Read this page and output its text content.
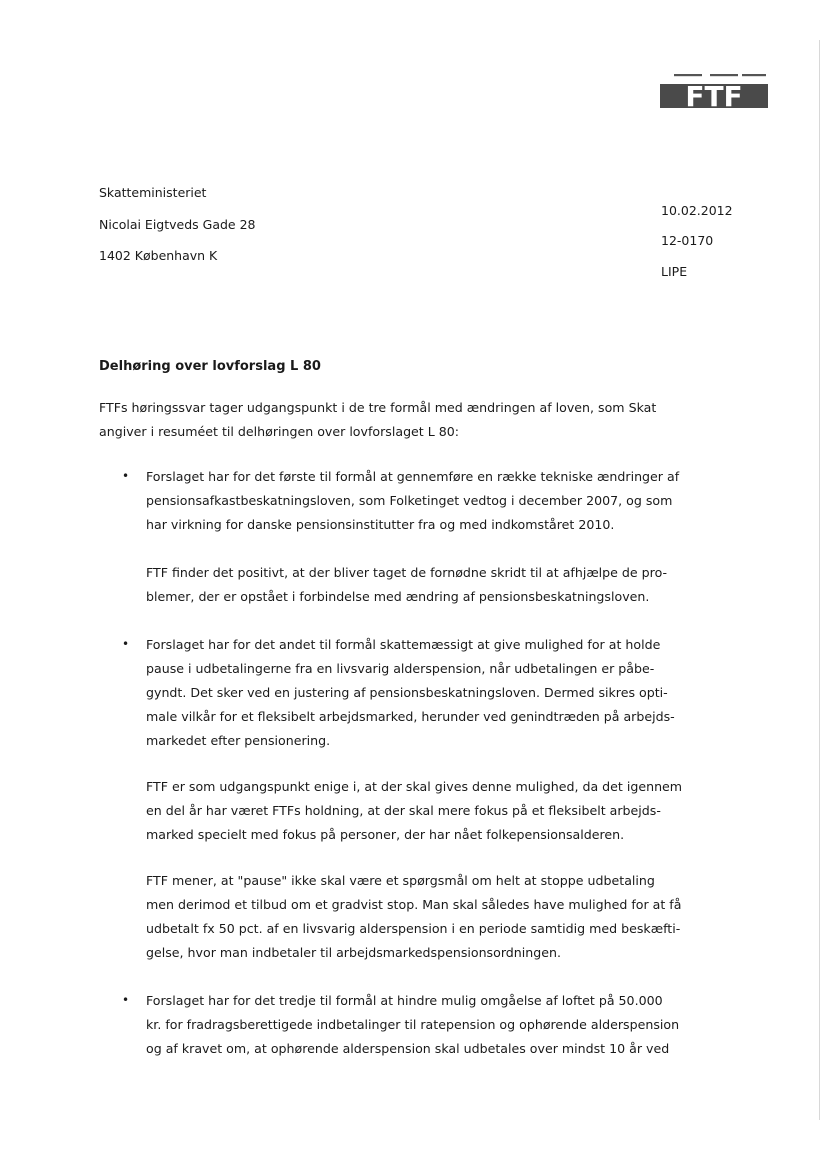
FTF
Skatteministeriet
Nicolai Eigtveds Gade 28
1402 København K
10.02.2012
12-0170
LIPE
Delhøring over lovforslag L 80
FTFs høringssvar tager udgangspunkt i de tre formål med ændringen af loven, som Skat
angiver i resuméet til delhøringen over lovforslaget L 80:
• Forslaget har for det første til formål at gennemføre en række tekniske ændringer af
pensionsafkastbeskatningsloven, som Folketinget vedtog i december 2007, og som
har virkning for danske pensionsinstitutter fra og med indkomståret 2010.
FTF finder det positivt, at der bliver taget de fornødne skridt til at afhjælpe de pro-
blemer, der er opstået i forbindelse med ændring af pensionsbeskatningsloven.
• Forslaget har for det andet til formål skattemæssigt at give mulighed for at holde
pause i udbetalingerne fra en livsvarig alderspension, når udbetalingen er påbe-
gyndt. Det sker ved en justering af pensionsbeskatningsloven. Dermed sikres opti-
male vilkår for et fleksibelt arbejdsmarked, herunder ved genindtræden på arbejds-
markedet efter pensionering.
FTF er som udgangspunkt enige i, at der skal gives denne mulighed, da det igennem
en del år har været FTFs holdning, at der skal mere fokus på et fleksibelt arbejds-
marked specielt med fokus på personer, der har nået folkepensionsalderen.
FTF mener, at "pause" ikke skal være et spørgsmål om helt at stoppe udbetaling
men derimod et tilbud om et gradvist stop. Man skal således have mulighed for at få
udbetalt fx 50 pct. af en livsvarig alderspension i en periode samtidig med beskæfti-
gelse, hvor man indbetaler til arbejdsmarkedspensionsordningen.
• Forslaget har for det tredje til formål at hindre mulig omgåelse af loftet på 50.000
kr. for fradragsberettigede indbetalinger til ratepension og ophørende alderspension
og af kravet om, at ophørende alderspension skal udbetales over mindst 10 år ved
